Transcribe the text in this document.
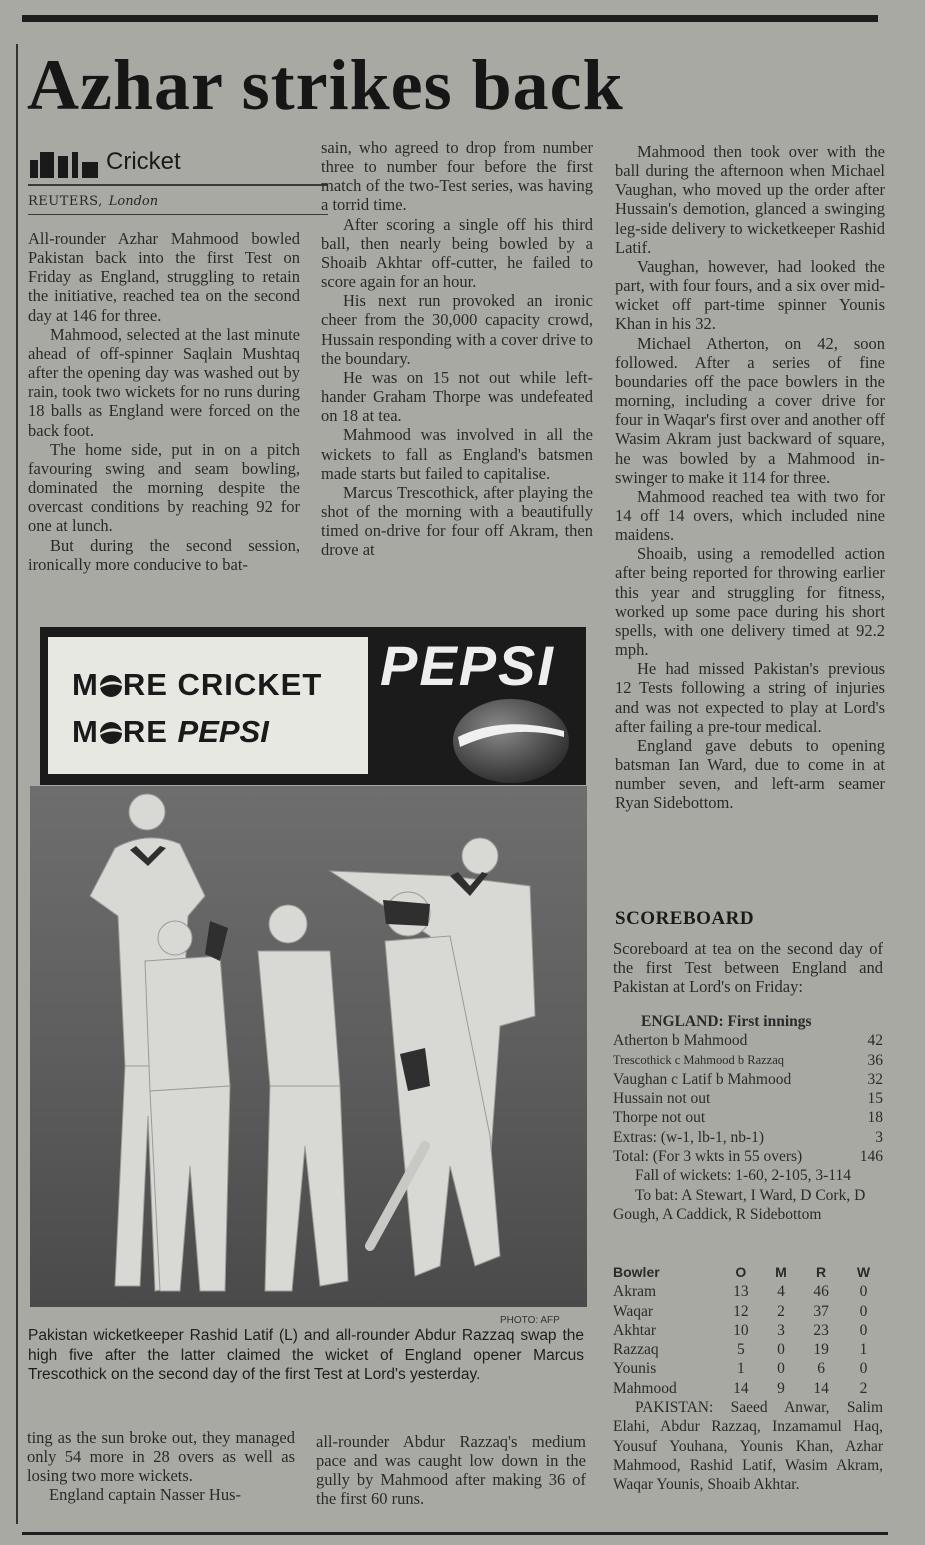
Azhar strikes back
Cricket
REUTERS, London

All-rounder Azhar Mahmood bowled Pakistan back into the first Test on Friday as England, struggling to retain the initiative, reached tea on the second day at 146 for three.

Mahmood, selected at the last minute ahead of off-spinner Saqlain Mushtaq after the opening day was washed out by rain, took two wickets for no runs during 18 balls as England were forced on the back foot.

The home side, put in on a pitch favouring swing and seam bowling, dominated the morning despite the overcast conditions by reaching 92 for one at lunch.

But during the second session, ironically more conducive to bat-

sain, who agreed to drop from number three to number four before the first match of the two-Test series, was having a torrid time.

After scoring a single off his third ball, then nearly being bowled by a Shoaib Akhtar off-cutter, he failed to score again for an hour.

His next run provoked an ironic cheer from the 30,000 capacity crowd, Hussain responding with a cover drive to the boundary.

He was on 15 not out while left-hander Graham Thorpe was undefeated on 18 at tea.

Mahmood was involved in all the wickets to fall as England's batsmen made starts but failed to capitalise.

Marcus Trescothick, after playing the shot of the morning with a beautifully timed on-drive for four off Akram, then drove at

Mahmood then took over with the ball during the afternoon when Michael Vaughan, who moved up the order after Hussain's demotion, glanced a swinging leg-side delivery to wicketkeeper Rashid Latif.

Vaughan, however, had looked the part, with four fours, and a six over mid-wicket off part-time spinner Younis Khan in his 32.

Michael Atherton, on 42, soon followed. After a series of fine boundaries off the pace bowlers in the morning, including a cover drive for four in Waqar's first over and another off Wasim Akram just backward of square, he was bowled by a Mahmood in-swinger to make it 114 for three.

Mahmood reached tea with two for 14 off 14 overs, which included nine maidens.

Shoaib, using a remodelled action after being reported for throwing earlier this year and struggling for fitness, worked up some pace during his short spells, with one delivery timed at 92.2 mph.

He had missed Pakistan's previous 12 Tests following a string of injuries and was not expected to play at Lord's after failing a pre-tour medical.

England gave debuts to opening batsman Ian Ward, due to come in at number seven, and left-arm seamer Ryan Sidebottom.

M RE CRICKET
M RE PEPSI
PEPSI
PHOTO: AFP

Pakistan wicketkeeper Rashid Latif (L) and all-rounder Abdur Razzaq swap the high five after the latter claimed the wicket of England opener Marcus Trescothick on the second day of the first Test at Lord's yesterday.

ting as the sun broke out, they managed only 54 more in 28 overs as well as losing two more wickets.

England captain Nasser Hus-

all-rounder Abdur Razzaq's medium pace and was caught low down in the gully by Mahmood after making 36 of the first 60 runs.

SCOREBOARD

Scoreboard at tea on the second day of the first Test between England and Pakistan at Lord's on Friday:

ENGLAND: First innings
Atherton b Mahmood	42
Trescothick c Mahmood b Razzaq	36
Vaughan c Latif b Mahmood	32
Hussain not out	15
Thorpe not out	18
Extras: (w-1, lb-1, nb-1)	3
Total: (For 3 wkts in 55 overs)	146
Fall of wickets: 1-60, 2-105, 3-114
To bat: A Stewart, I Ward, D Cork, D Gough, A Caddick, R Sidebottom
Bowler	O	M	R	W
Akram	13	4	46	0
Waqar	12	2	37	0
Akhtar	10	3	23	0
Razzaq	5	0	19	1
Younis	1	0	6	0
Mahmood	14	9	14	2

PAKISTAN: Saeed Anwar, Salim Elahi, Abdur Razzaq, Inzamamul Haq, Yousuf Youhana, Younis Khan, Azhar Mahmood, Rashid Latif, Wasim Akram, Waqar Younis, Shoaib Akhtar.
